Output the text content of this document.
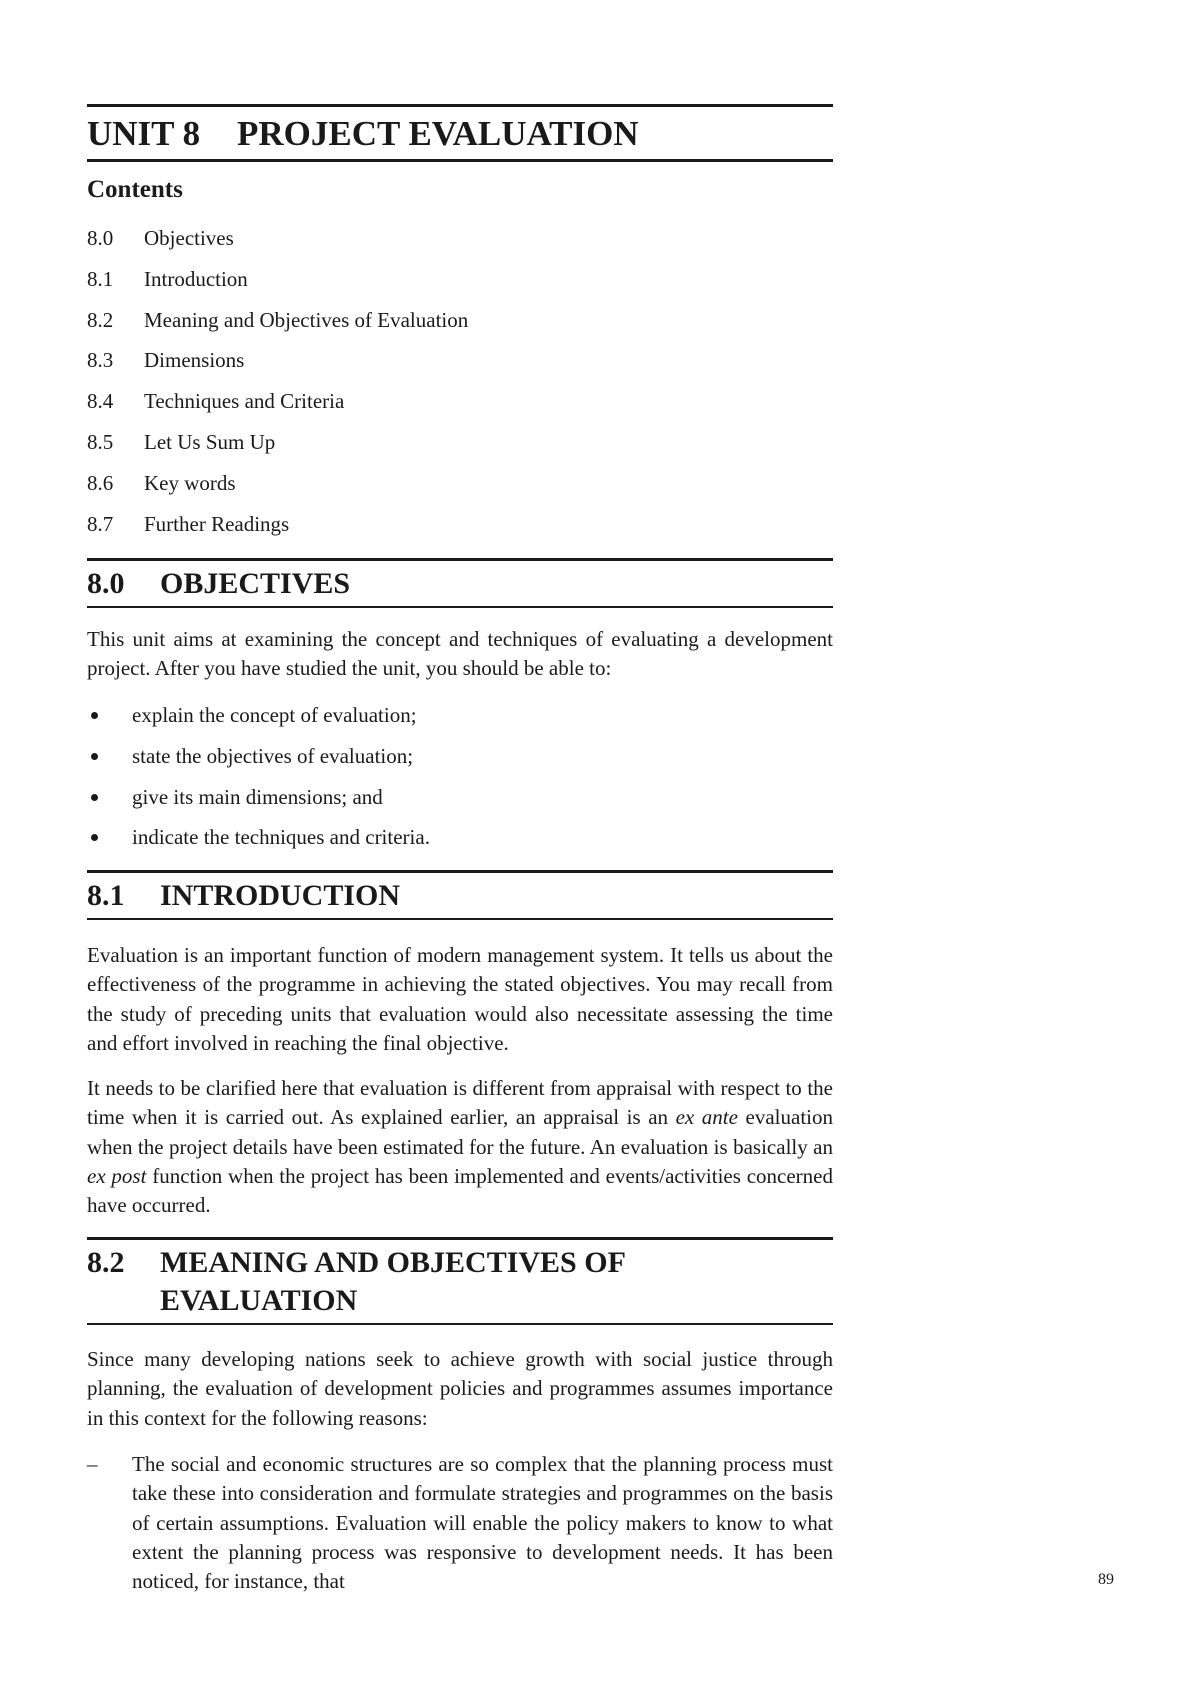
UNIT 8 PROJECT EVALUATION
Contents
8.0 Objectives
8.1 Introduction
8.2 Meaning and Objectives of Evaluation
8.3 Dimensions
8.4 Techniques and Criteria
8.5 Let Us Sum Up
8.6 Key words
8.7 Further Readings
8.0 OBJECTIVES

This unit aims at examining the concept and techniques of evaluating a development project. After you have studied the unit, you should be able to:

explain the concept of evaluation;
state the objectives of evaluation;
give its main dimensions; and
indicate the techniques and criteria.
8.1 INTRODUCTION

Evaluation is an important function of modern management system. It tells us about the effectiveness of the programme in achieving the stated objectives. You may recall from the study of preceding units that evaluation would also necessitate assessing the time and effort involved in reaching the final objective.

It needs to be clarified here that evaluation is different from appraisal with respect to the time when it is carried out. As explained earlier, an appraisal is an ex ante evaluation when the project details have been estimated for the future. An evaluation is basically an ex post function when the project has been implemented and events/activities concerned have occurred.

8.2 MEANING AND OBJECTIVES OF EVALUATION

Since many developing nations seek to achieve growth with social justice through planning, the evaluation of development policies and programmes assumes importance in this context for the following reasons:

– The social and economic structures are so complex that the planning process must take these into consideration and formulate strategies and programmes on the basis of certain assumptions. Evaluation will enable the policy makers to know to what extent the planning process was responsive to development needs. It has been noticed, for instance, that	89
